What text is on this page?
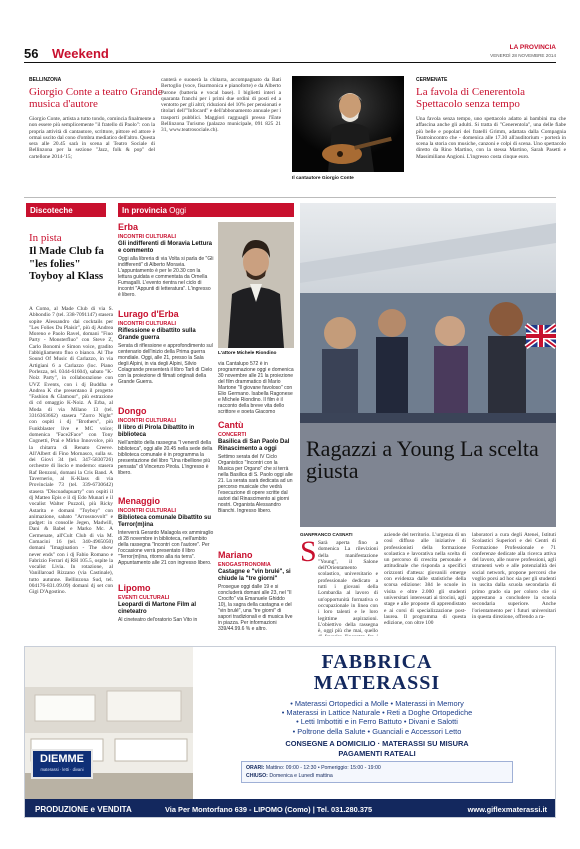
56 Weekend	LA PROVINCIA
VENERDÌ 28 NOVEMBRE 2014
BELLINZONA
Giorgio Conte a teatro Grande musica d'autore
Giorgio Conte, artista a tutto tondo, comincia finalmente a non essere più semplicemente "il fratello di Paolo": con la propria attività di cantautore, scrittore, pittore ed attore è ormai uscito dal cono d'ombra mediatico dell'altro. Questa sera alle 20.45 sarà in scena al Teatro Sociale di Bellinzona per la sezione "Jazz, folk & pop" del cartellone 2014-'15;
canterà e suonerà la chitarra, accompagnato da Bati Bertoglio (voce, fisarmonica e pianoforte) e da Alberto Parone (batteria e vocal base). I biglietti interi a quaranta franchi per i primi due ordini di posti ed a ventotto per gli altri; riduzioni del 10% per pensionati e titolari dell'"Infocard" e dell'abbonamento annuale per i trasporti pubblici. Maggiori ragguagli presso l'Ente Bellinzona Turismo (palazzo municipale, 091 825 21 31, www.teatrosociale.ch).
Il cantautore Giorgio Conte
CERMENATE
La favola di Cenerentola Spettacolo senza tempo
Una favola senza tempo, uno spettacolo adatto ai bambini ma che affascina anche gli adulti. Si tratta di "Cenerentola", una delle fiabe più belle e popolari dei fratelli Grimm, adattata dalla Compagnia Teatroincontro che - domenica alle 17.30 all'auditorium - porterà in scena la storia con musiche, canzoni e colpi di scena. Uno spettacolo diretto da Rino Martino, con la stessa Martino, Sarah Pasetti e Massimiliano Angioni. L'ingresso costa cinque euro.
Discoteche
In pista
Il Made Club fa "les folies" Toyboy al Klass
A Como, al Made Club di via S. Abbondio 7 (tel. 338-7091147) stasera sopite Alessandro dai cocktails per "Les Folies Du Plaisir", più dj Andrea Moreno e Paolo Ravel, domani "Fiuo Party - Monsterfluo" con Steve Z, Carlo Bonomi e Simon voice, gradito l'abbigliamento fluo o bianco. Al The Sound Of Music di Carlazzo, in via Artigiani 6 a Carlazzo (loc. Piano Porlezza, tel. 0344-61604), sabato "K-Noiz Party", in collaborazione con UVZ Events, con i dj Buddha e Andrea K che presentano il progetto "Fashion & Glamour", più estrazione di cd omaggio K-Noiz. A Erba, al Moda di via Milano 13 (tel. 3316363662) stasera "Zorro Night" con ospiti i dj "Brothers", più Funkblaster live e MC voice; domenica "Face2Face" con Tony Cognetti, Prai e Mirko Innovolce, più la chitarra di Renato Creeve. All'Albert di Fino Mornasco, sulla ss. dei Giovi 34 (tel. 347-5830726) orchestre di liscio e moderno: stasera Raf Benzoni, domani la Cris Band. A Tavernerio, al K-Klass di via Provinciale 73 (tel. 339-6730642) stasera "Discoadupuarty" con ospiti il dj Matteo Epis e il dj Edo Munari e il vocalist Walter Puzzoli, più Ricky Astarita e domani "Toyboy" con animazione, sabato "Arrossnovolt" e gadget: in consolle Jegen, Madwill, Dani & Babel e Marko Mc. A Cermenate, all'Cult Club di via M. Comacini 16 (tel. 340-4965050) domani "Imagination - The show never ends" con i dj Fabio Romano e Fabrizio Ferrari dj RH 105.5, ospite la vocalist Livia. In rotazione, al Vanillaroad Rizzano (via Castinale), tutto autunne. Bellinzona Sud, tel. 004176-831.09.09) domani dj set con Gigi D'Agostino.
In provincia Oggi
Erba
INCONTRI CULTURALI
Gli indifferenti di Moravia Lettura e commento
Oggi alla libreria di via Volta si parla de "Gli indifferenti" di Alberto Moravia. L'appuntamento è per le 20.30 con la lettura guidata e commentata da Ornella Fumagalli. L'evento rientra nel ciclo di incontri "Appunti di letteratura". L'ingresso è libero.
Lurago d'Erba
INCONTRI CULTURALI
Riflessione e dibattito sulla Grande guerra
Serata di riflessione e approfondimento sul centenario dell'inizio della Prima guerra mondiale. Oggi, alle 21, presso la Sala degli Alpini, in via degli Alpini, Silvio Colagrande presenterà il libro Tarli di Cielo con la proiezione di filmati originali della Grande Guerra.
Dongo
INCONTRI CULTURALI
Il libro di Pirola Dibattito in biblioteca
Nell'ambito della rassegna "I venerdì della biblioteca", oggi alle 20.45 nella sede della biblioteca comunale è in programma la presentazione del libro "Una ribellione più pensata" di Vincenzo Pirola. L'ingresso è libero.
Menaggio
INCONTRI CULTURALI
Biblioteca comunale Dibattito su Terror(m)ina
Interverrà Gerardo Malagola ex ammiraglio di 28 novembre in biblioteca, nell'ambito della rassegna "Incontri con l'autore". Per l'occasione verrà presentato il libro "Terror(m)ina, ritorno alla ria terra". Appuntamento alle 21 con ingresso libero.
Lipomo
EVENTI CULTURALI
Leopardi di Martone Film al cineteatro
Al cineteatro del'oratorio San Vito in
L'attore Michele Riondino
via Cantalupo 572 è in programmazione oggi e domenica 30 novembre alle 21 la proiezione del film drammatico di Mario Martone "Il giovane favoloso" con Elio Germano. Isabella Ragonese e Michele Riondino. Il film è il racconto della breve vita dello scrittore e poeta Giacomo
Cantù
CONCERTI
Basilica di San Paolo Dal Rinascimento a oggi
Settimo serata del IV Ciclo Organistico "Incontri con la Musica per Organo" che si terrà nella Basilica di S. Paolo oggi alle 21. La serata sarà dedicata ad un percorso musicale che vedrà l'esecuzione di opere scritte dal autori dal Rinascimento ai giorni nostri. Organista Alessandro Bianchi. Ingresso libero.
Mariano
ENOGASTRONOMIA
Castagne e "vin brulé", si chiude la "tre giorni"
Prosegue oggi dalle 19 e si concluderà domani alle 23, nel "Il Crocifo" via Emanuele Ghiddo 10), la sagra della castagna e del "vin brulé", una "tre giorni" di sapori tradizionali e di musica live in piazza. Per informazioni 339/44.99.6 % e altro.
Ragazzi a Young La scelta giusta
GIANFRANCO CASNATI
S Sarà aperta fino a domenica La rilevizioni della manifestazione "Young", il Salone dell'Orientamento scolastico, universitario e professionale dedicato a tutti i giovani della Lombardia al lavoro di un'opportunità formativa o occupazionale in linea con i loro talenti e le loro legittime aspirazioni. L'obiettivo della rassegna è, oggi più che mai, quello
aziende del territorio. L'urgenza di un così diffuso alle iniziative di professionisti della formazione scolastica e lavorativa nella scelta di un percorso di crescita personale e attitudinale che risponda a specifici orizzonti d'attesa: giovanili emerge con evidenza dalle statistiche della scorsa edizione: 384 le scuole in visita e oltre 2.000 gli studenti universitari interessati ai tirocini, agli stage e alle proposte di apprendistato e ai corsi di specializzazione post-laurea. Il programma di questa edizione, con oltre 100
laboratori a cura degli Atenei, Istituti Scolastici Superiori e dei Centri di Formazione Professionale e 71 conferenze dedicate alla ricerca attiva del lavoro, alle nuove professioni, agli strumenti web e alle potenzialità dei social network, propone percorsi che voglio porsi ad hoc sia per gli studenti in uscita dalla scuola secondaria di primo grado sia per coloro che si apprestano a concludere la scuola secondaria superiore. Anche l'orientamento per i futuri universitari in questa direzione, offrendo a ra-
DIEMME
materassi · letti · divani
FABBRICA
MATERASSI
• Materassi Ortopedici a Molle • Materassi in Memory
• Materassi in Lattice Naturale • Reti a Doghe Ortopediche
• Letti Imbottiti e in Ferro Battuto • Divani e Salotti
• Poltrone della Salute • Guanciali e Accessori Letto
CONSEGNE A DOMICILIO · MATERASSI SU MISURA
PAGAMENTI RATEALI
ORARI: Mattino: 09:00 - 12:30 • Pomeriggio: 15:00 - 19:00
CHIUSO: Domenica e Lunedì mattina
PRODUZIONE e VENDITA	Via Per Montorfano 639 - LIPOMO (Como) | Tel. 031.280.375	www.giflexmaterassi.it
